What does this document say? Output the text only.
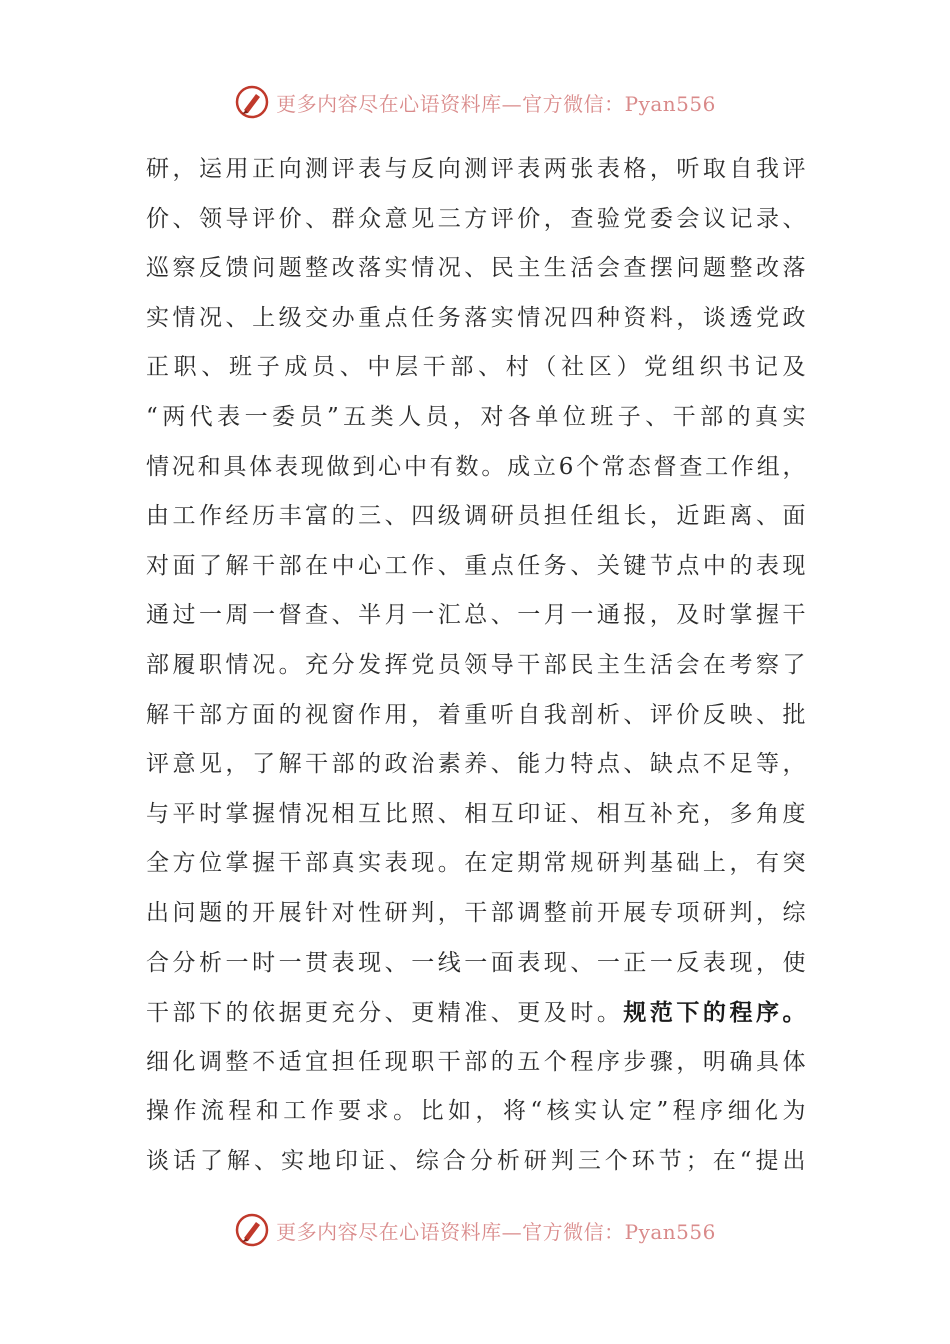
更多内容尽在心语资料库—官方微信：Pyan556
研，运用正向测评表与反向测评表两张表格，听取自我评
价、领导评价、群众意见三方评价，查验党委会议记录、
巡察反馈问题整改落实情况、民主生活会查摆问题整改落
实情况、上级交办重点任务落实情况四种资料，谈透党政
正职、班子成员、中层干部、村（社区）党组织书记及
“两代表一委员”五类人员，对各单位班子、干部的真实
情况和具体表现做到心中有数。成立6个常态督查工作组，
由工作经历丰富的三、四级调研员担任组长，近距离、面
对面了解干部在中心工作、重点任务、关键节点中的表现
通过一周一督查、半月一汇总、一月一通报，及时掌握干
部履职情况。充分发挥党员领导干部民主生活会在考察了
解干部方面的视窗作用，着重听自我剖析、评价反映、批
评意见，了解干部的政治素养、能力特点、缺点不足等，
与平时掌握情况相互比照、相互印证、相互补充，多角度
全方位掌握干部真实表现。在定期常规研判基础上，有突
出问题的开展针对性研判，干部调整前开展专项研判，综
合分析一时一贯表现、一线一面表现、一正一反表现，使
干部下的依据更充分、更精准、更及时。规范下的程序。
细化调整不适宜担任现职干部的五个程序步骤，明确具体
操作流程和工作要求。比如，将“核实认定”程序细化为
谈话了解、实地印证、综合分析研判三个环节；在“提出
更多内容尽在心语资料库—官方微信：Pyan556
